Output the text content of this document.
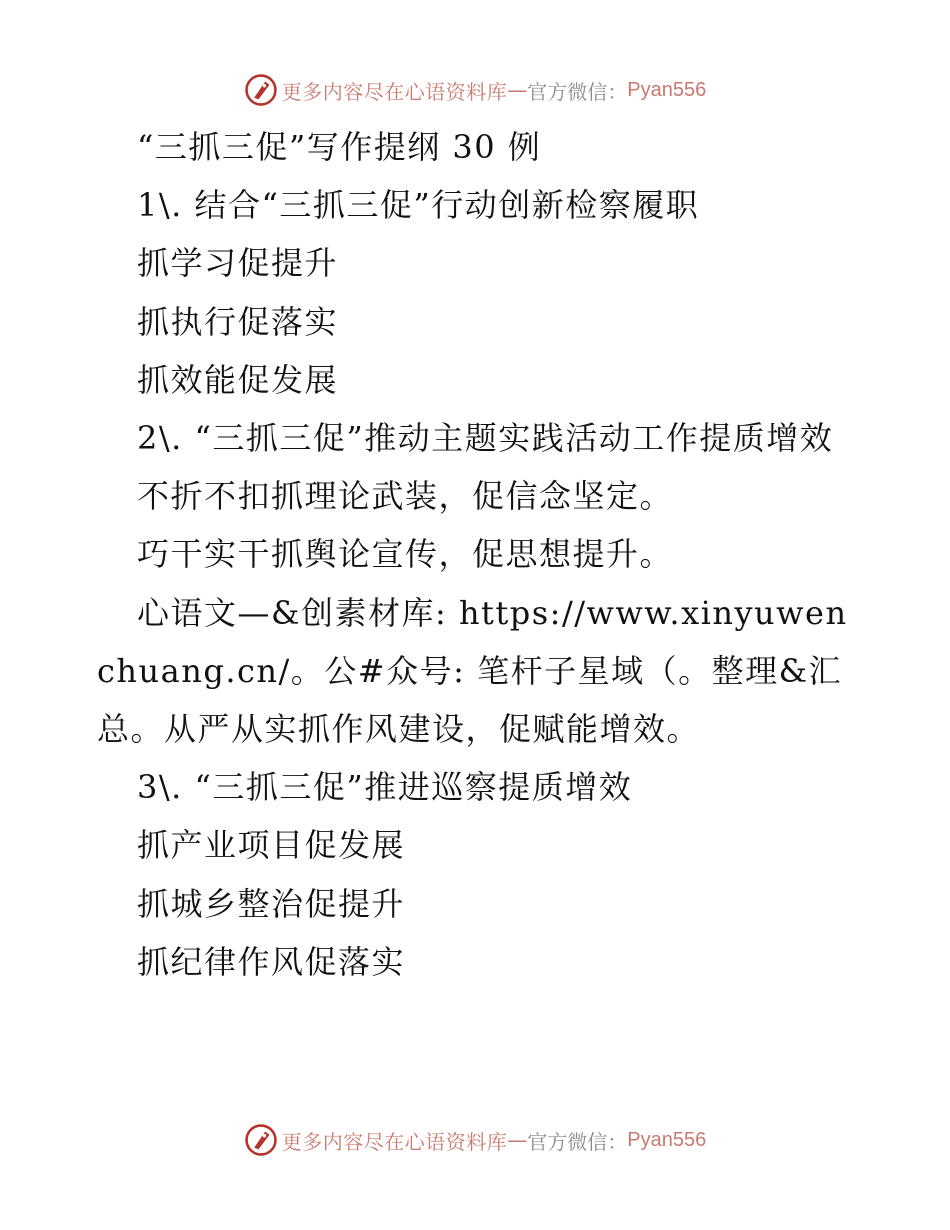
更多内容尽在心语资料库 — 官方微信： Pyan556
“三抓三促”写作提纲 30 例
1\. 结合“三抓三促”行动创新检察履职
抓学习促提升
抓执行促落实
抓效能促发展
2\. “三抓三促”推动主题实践活动工作提质增效
不折不扣抓理论武装，促信念坚定。
巧干实干抓舆论宣传，促思想提升。
心语文—&创素材库: https://www.xinyuwenchuang.cn/。公#众号: 笔杆子星域（。整理&汇总。从严从实抓作风建设，促赋能增效。
3\. “三抓三促”推进巡察提质增效
抓产业项目促发展
抓城乡整治促提升
抓纪律作风促落实
更多内容尽在心语资料库 — 官方微信： Pyan556
